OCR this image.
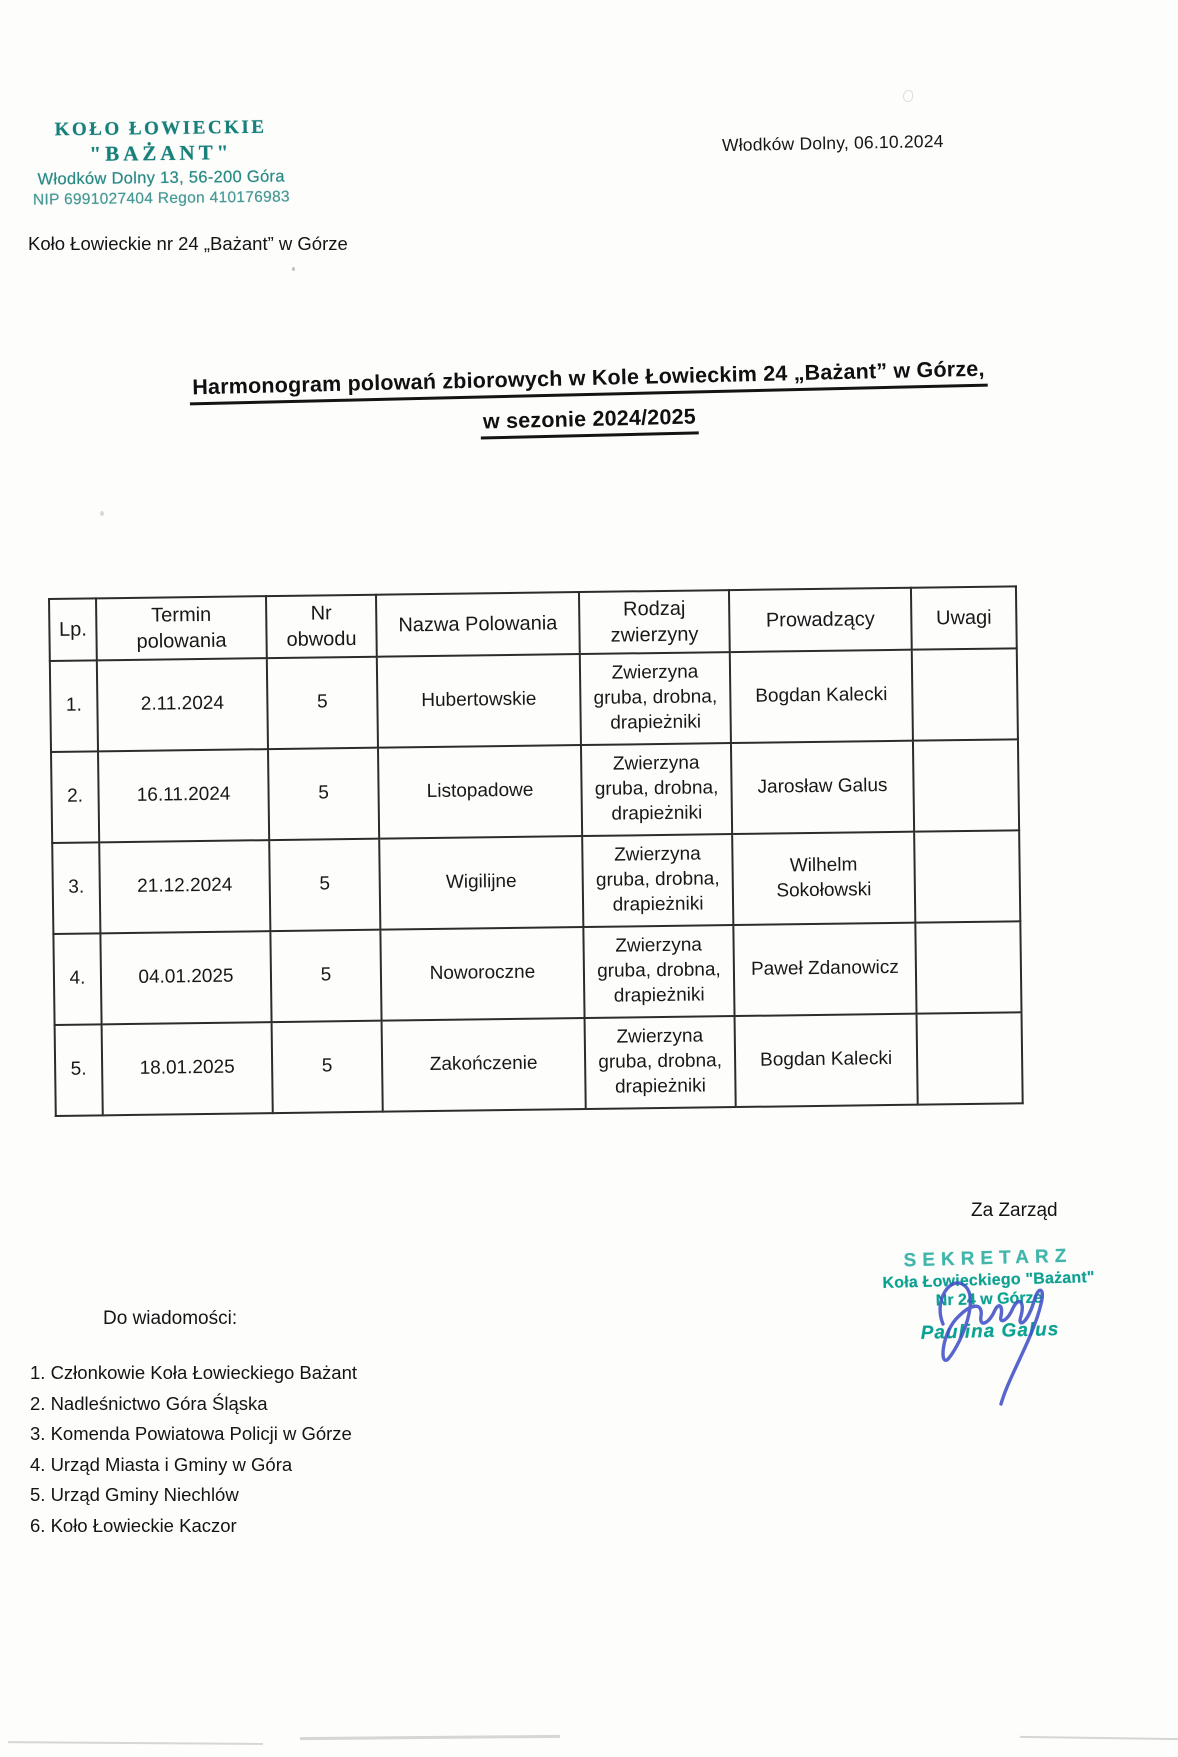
KOŁO ŁOWIECKIE
"BAŻANT"
Włodków Dolny 13, 56-200 Góra
NIP 6991027404 Regon 410176983
Włodków Dolny, 06.10.2024
Koło Łowieckie nr 24 „Bażant” w Górze
Harmonogram polowań zbiorowych w Kole Łowieckim 24 „Bażant” w Górze,
w sezonie 2024/2025
Lp.	Termin polowania	Nr obwodu	Nazwa Polowania	Rodzaj zwierzyny	Prowadzący	Uwagi
1.	2.11.2024	5	Hubertowskie	Zwierzyna gruba, drobna, drapieżniki	Bogdan Kalecki	
2.	16.11.2024	5	Listopadowe	Zwierzyna gruba, drobna, drapieżniki	Jarosław Galus	
3.	21.12.2024	5	Wigilijne	Zwierzyna gruba, drobna, drapieżniki	Wilhelm Sokołowski	
4.	04.01.2025	5	Noworoczne	Zwierzyna gruba, drobna, drapieżniki	Paweł Zdanowicz	
5.	18.01.2025	5	Zakończenie	Zwierzyna gruba, drobna, drapieżniki	Bogdan Kalecki	
Za Zarząd
SEKRETARZ
Koła Łowieckiego "Bażant"
Nr 24 w Górze
Paulina Galus
Do wiadomości:
1. Członkowie Koła Łowieckiego Bażant
2. Nadleśnictwo Góra Śląska
3. Komenda Powiatowa Policji w Górze
4. Urząd Miasta i Gminy w Góra
5. Urząd Gminy Niechlów
6. Koło Łowieckie Kaczor
